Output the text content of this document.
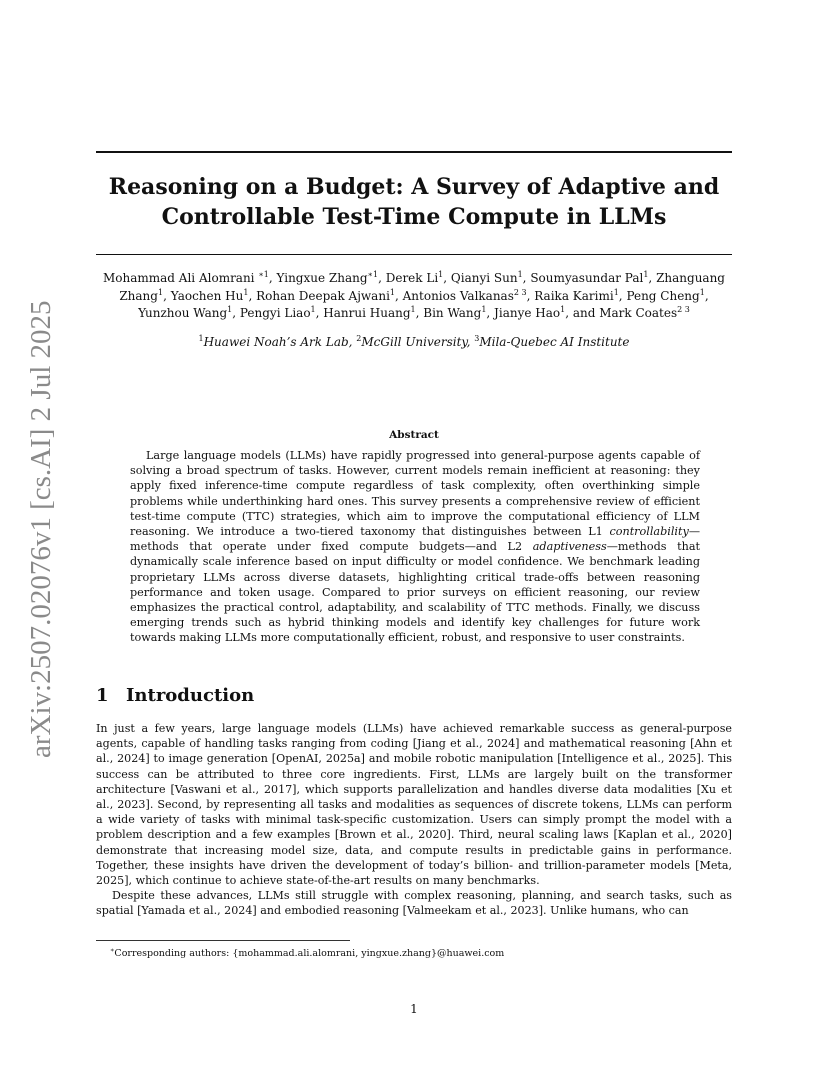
arXiv:2507.02076v1 [cs.AI] 2 Jul 2025
Reasoning on a Budget: A Survey of Adaptive and
Controllable Test-Time Compute in LLMs
Mohammad Ali Alomrani $^{∗1}$, Yingxue Zhang$^{∗1}$, Derek Li$^1$, Qianyi Sun$^1$, Soumyasundar Pal$^1$, Zhanguang Zhang$^1$, Yaochen Hu$^1$, Rohan Deepak Ajwani$^1$, Antonios Valkanas$^{2 3}$, Raika Karimi$^1$, Peng Cheng$^1$, Yunzhou Wang$^1$, Pengyi Liao$^1$, Hanrui Huang$^1$, Bin Wang$^1$, Jianye Hao$^1$, and Mark Coates$^{2 3}$
$^1$Huawei Noah’s Ark Lab, $^2$McGill University, $^3$Mila-Quebec AI Institute
Abstract

Large language models (LLMs) have rapidly progressed into general-purpose agents capable of solving a broad spectrum of tasks. However, current models remain inefficient at reasoning: they apply fixed inference-time compute regardless of task complexity, often overthinking simple problems while underthinking hard ones. This survey presents a comprehensive review of efficient test-time compute (TTC) strategies, which aim to improve the computational efficiency of LLM reasoning. We introduce a two-tiered taxonomy that distinguishes between L1 controllability—methods that operate under fixed compute budgets—and L2 adaptiveness—methods that dynamically scale inference based on input difficulty or model confidence. We benchmark leading proprietary LLMs across diverse datasets, highlighting critical trade-offs between reasoning performance and token usage. Compared to prior surveys on efficient reasoning, our review emphasizes the practical control, adaptability, and scalability of TTC methods. Finally, we discuss emerging trends such as hybrid thinking models and identify key challenges for future work towards making LLMs more computationally efficient, robust, and responsive to user constraints.

1 Introduction

In just a few years, large language models (LLMs) have achieved remarkable success as general-purpose agents, capable of handling tasks ranging from coding [Jiang et al., 2024] and mathematical reasoning [Ahn et al., 2024] to image generation [OpenAI, 2025a] and mobile robotic manipulation [Intelligence et al., 2025]. This success can be attributed to three core ingredients. First, LLMs are largely built on the transformer architecture [Vaswani et al., 2017], which supports parallelization and handles diverse data modalities [Xu et al., 2023]. Second, by representing all tasks and modalities as sequences of discrete tokens, LLMs can perform a wide variety of tasks with minimal task-specific customization. Users can simply prompt the model with a problem description and a few examples [Brown et al., 2020]. Third, neural scaling laws [Kaplan et al., 2020] demonstrate that increasing model size, data, and compute results in predictable gains in performance. Together, these insights have driven the development of today’s billion- and trillion-parameter models [Meta, 2025], which continue to achieve state-of-the-art results on many benchmarks.

Despite these advances, LLMs still struggle with complex reasoning, planning, and search tasks, such as spatial [Yamada et al., 2024] and embodied reasoning [Valmeekam et al., 2023]. Unlike humans, who can

∗Corresponding authors: {mohammad.ali.alomrani, yingxue.zhang}@huawei.com
1
